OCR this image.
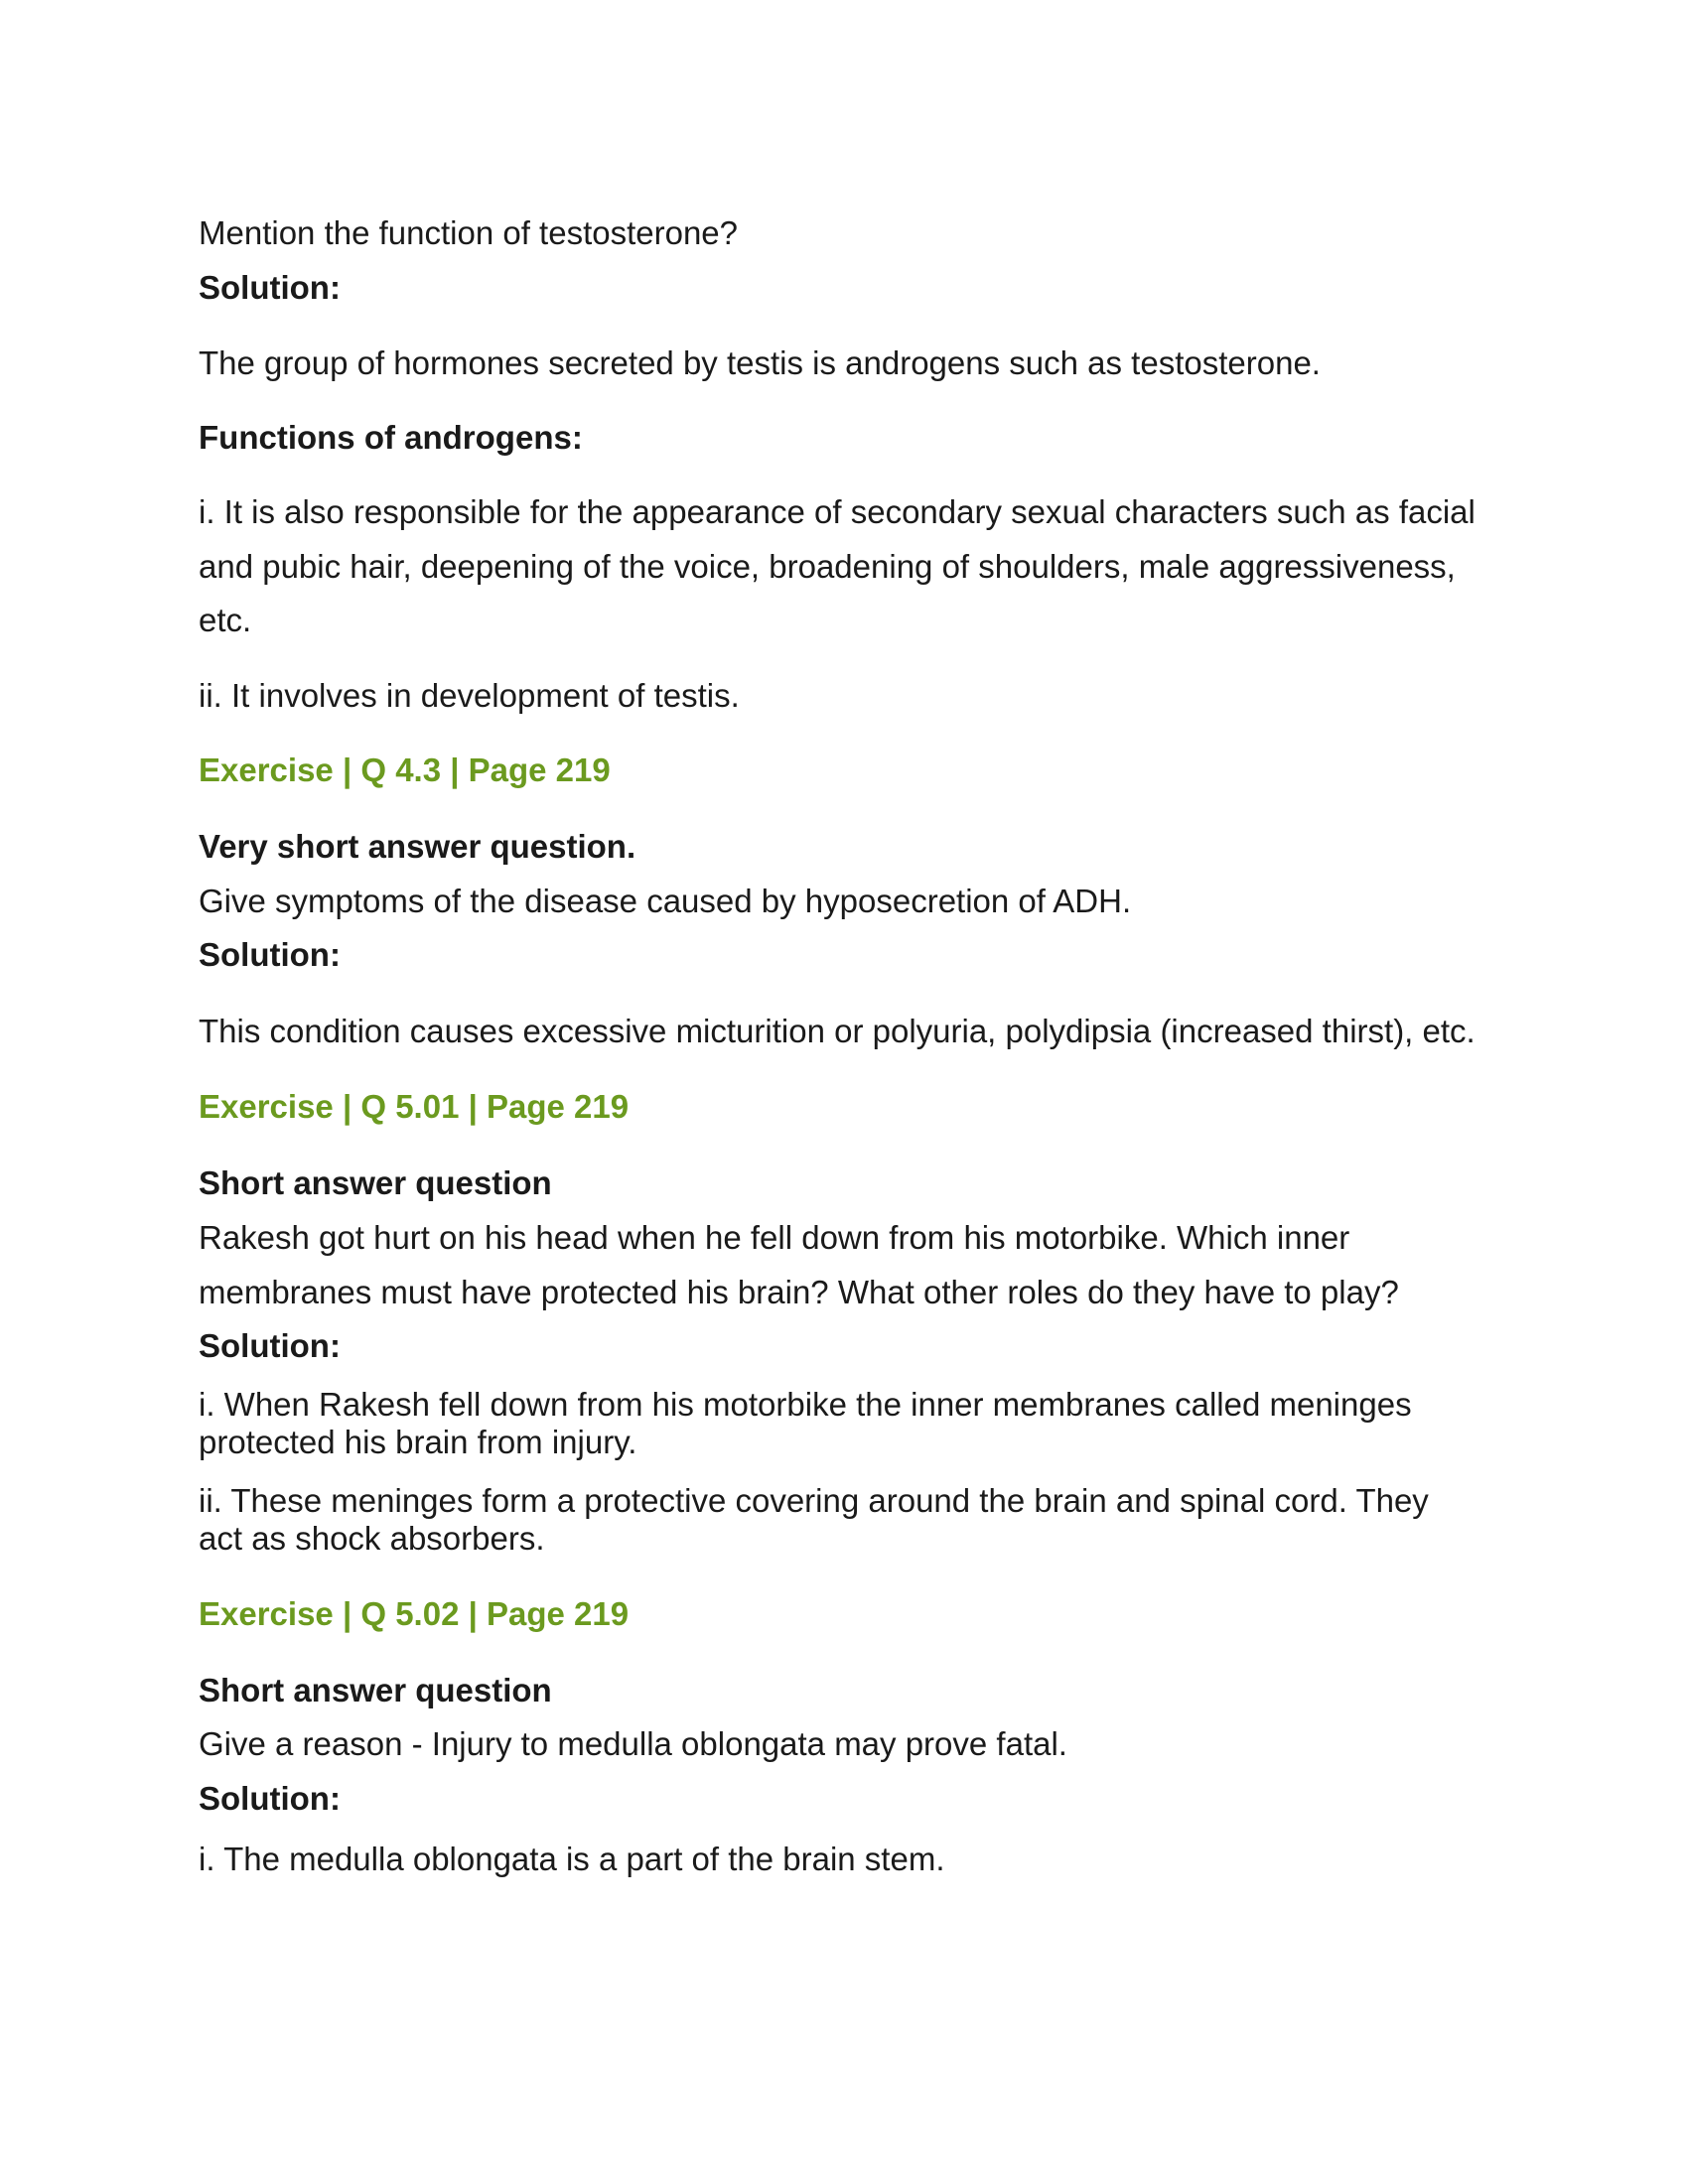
Mention the function of testosterone?

Solution:

The group of hormones secreted by testis is androgens such as testosterone.

Functions of androgens:

i. It is also responsible for the appearance of secondary sexual characters such as facial

and pubic hair, deepening of the voice, broadening of shoulders, male aggressiveness,

etc.

ii. It involves in development of testis.

Exercise | Q 4.3 | Page 219

Very short answer question.

Give symptoms of the disease caused by hyposecretion of ADH.

Solution:

This condition causes excessive micturition or polyuria, polydipsia (increased thirst), etc.

Exercise | Q 5.01 | Page 219

Short answer question

Rakesh got hurt on his head when he fell down from his motorbike. Which inner

membranes must have protected his brain? What other roles do they have to play?

Solution:

i. When Rakesh fell down from his motorbike the inner membranes called meninges

protected his brain from injury.

ii. These meninges form a protective covering around the brain and spinal cord. They

act as shock absorbers.

Exercise | Q 5.02 | Page 219

Short answer question

Give a reason - Injury to medulla oblongata may prove fatal.

Solution:

i. The medulla oblongata is a part of the brain stem.
